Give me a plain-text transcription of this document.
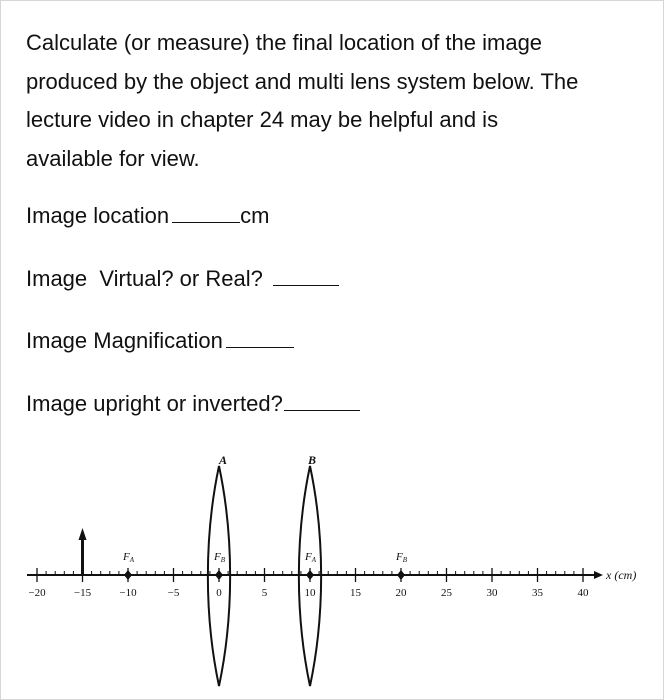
Calculate (or measure) the final location of the image

produced by the object and multi lens system below. The

lecture video in chapter 24 may be helpful and is

available for view.

Image location	cm

Image  Virtual? or Real?

Image Magnification

Image upright or inverted?

x (cm)
−20	−15	−10	−5	0	5	10	15	20	25	30	35	40
A	B
FA	FB	FA	FB
